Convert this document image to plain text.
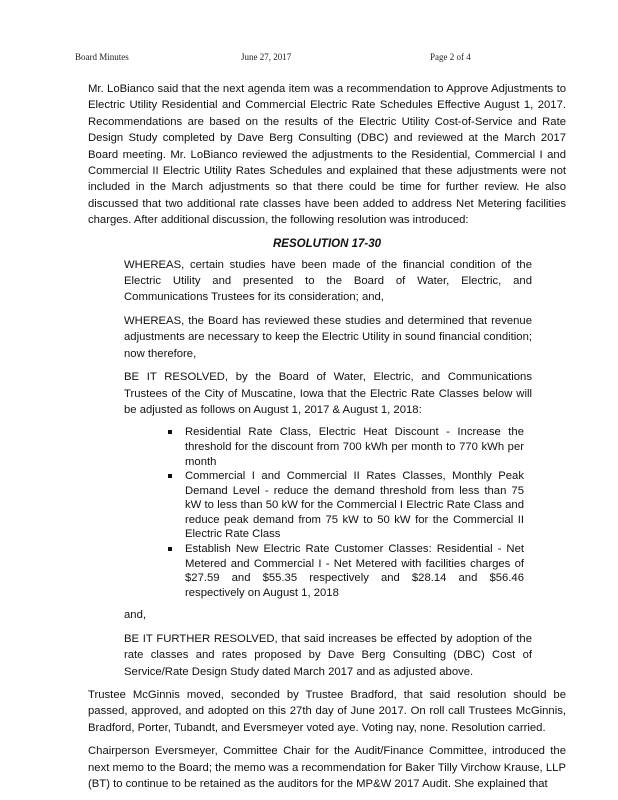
Board Minutes	June 27, 2017	Page 2 of 4

Mr. LoBianco said that the next agenda item was a recommendation to Approve Adjustments to Electric Utility Residential and Commercial Electric Rate Schedules Effective August 1, 2017. Recommendations are based on the results of the Electric Utility Cost-of-Service and Rate Design Study completed by Dave Berg Consulting (DBC) and reviewed at the March 2017 Board meeting. Mr. LoBianco reviewed the adjustments to the Residential, Commercial I and Commercial II Electric Utility Rates Schedules and explained that these adjustments were not included in the March adjustments so that there could be time for further review. He also discussed that two additional rate classes have been added to address Net Metering facilities charges. After additional discussion, the following resolution was introduced:

RESOLUTION 17-30

WHEREAS, certain studies have been made of the financial condition of the Electric Utility and presented to the Board of Water, Electric, and Communications Trustees for its consideration; and,

WHEREAS, the Board has reviewed these studies and determined that revenue adjustments are necessary to keep the Electric Utility in sound financial condition; now therefore,

BE IT RESOLVED, by the Board of Water, Electric, and Communications Trustees of the City of Muscatine, Iowa that the Electric Rate Classes below will be adjusted as follows on August 1, 2017 & August 1, 2018:

Residential Rate Class, Electric Heat Discount - Increase the threshold for the discount from 700 kWh per month to 770 kWh per month
Commercial I and Commercial II Rates Classes, Monthly Peak Demand Level - reduce the demand threshold from less than 75 kW to less than 50 kW for the Commercial I Electric Rate Class and reduce peak demand from 75 kW to 50 kW for the Commercial II Electric Rate Class
Establish New Electric Rate Customer Classes: Residential - Net Metered and Commercial I - Net Metered with facilities charges of $27.59 and $55.35 respectively and $28.14 and $56.46 respectively on August 1, 2018

and,

BE IT FURTHER RESOLVED, that said increases be effected by adoption of the rate classes and rates proposed by Dave Berg Consulting (DBC) Cost of Service/Rate Design Study dated March 2017 and as adjusted above.

Trustee McGinnis moved, seconded by Trustee Bradford, that said resolution should be passed, approved, and adopted on this 27th day of June 2017. On roll call Trustees McGinnis, Bradford, Porter, Tubandt, and Eversmeyer voted aye. Voting nay, none. Resolution carried.

Chairperson Eversmeyer, Committee Chair for the Audit/Finance Committee, introduced the next memo to the Board; the memo was a recommendation for Baker Tilly Virchow Krause, LLP (BT) to continue to be retained as the auditors for the MP&W 2017 Audit. She explained that
